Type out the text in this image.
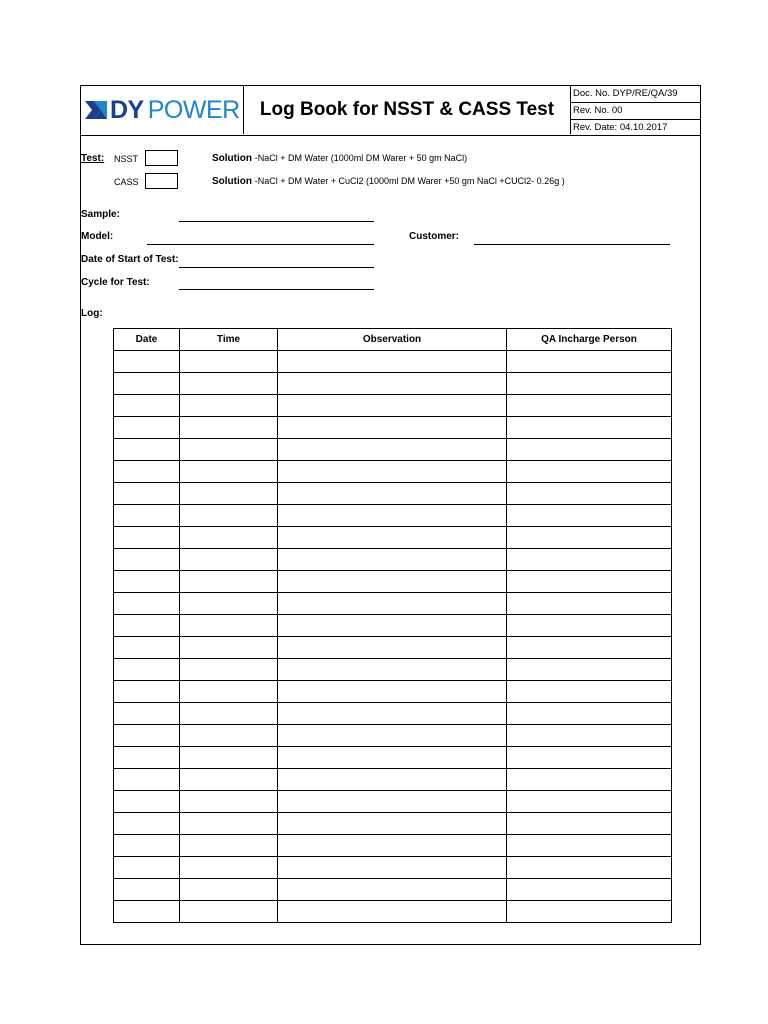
DY POWER	Log Book for NSST & CASS Test
Doc. No. DYP/RE/QA/39
Rev. No. 00
Rev. Date: 04.10.2017
Test: NSST	Solution -NaCl + DM Water (1000ml DM Warer + 50 gm NaCl)
CASS	Solution -NaCl + DM Water + CuCl2 (1000ml DM Warer +50 gm NaCl +CUCl2- 0.26g )
Sample:
Model:	Customer:
Date of Start of Test:
Cycle for Test:
Log:
Date	Time	Observation	QA Incharge Person
